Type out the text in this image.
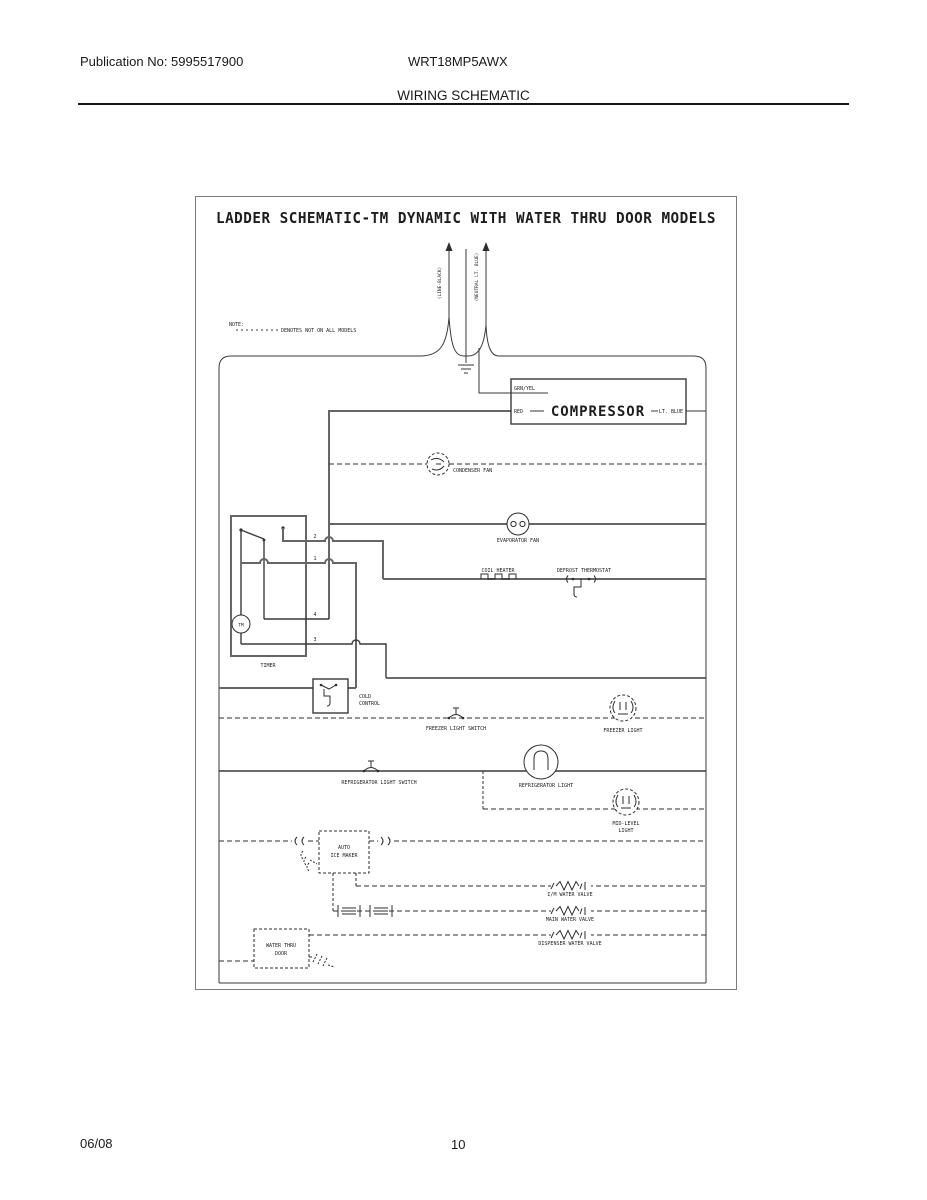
Publication No: 5995517900	WRT18MP5AWX
WIRING SCHEMATIC
LADDER SCHEMATIC-TM DYNAMIC WITH WATER THRU DOOR MODELS
NOTE:
DENOTES NOT ON ALL MODELS
(LINE-BLACK)	(NEUTRAL LT. BLUE)
GRN/YEL
RED	LT. BLUE
COMPRESSOR
CONDENSER FAN
EVAPORATOR FAN
TM
TIMER
2
1
4
3
COIL HEATER	DEFROST THERMOSTAT
COLD
CONTROL
FREEZER LIGHT SWITCH	FREEZER LIGHT
REFRIGERATOR LIGHT SWITCH	REFRIGERATOR LIGHT
MID-LEVEL
LIGHT
AUTO
ICE MAKER
I/M WATER VALVE
MAIN WATER VALVE
DISPENSER WATER VALVE
WATER THRU
DOOR
06/08	10
